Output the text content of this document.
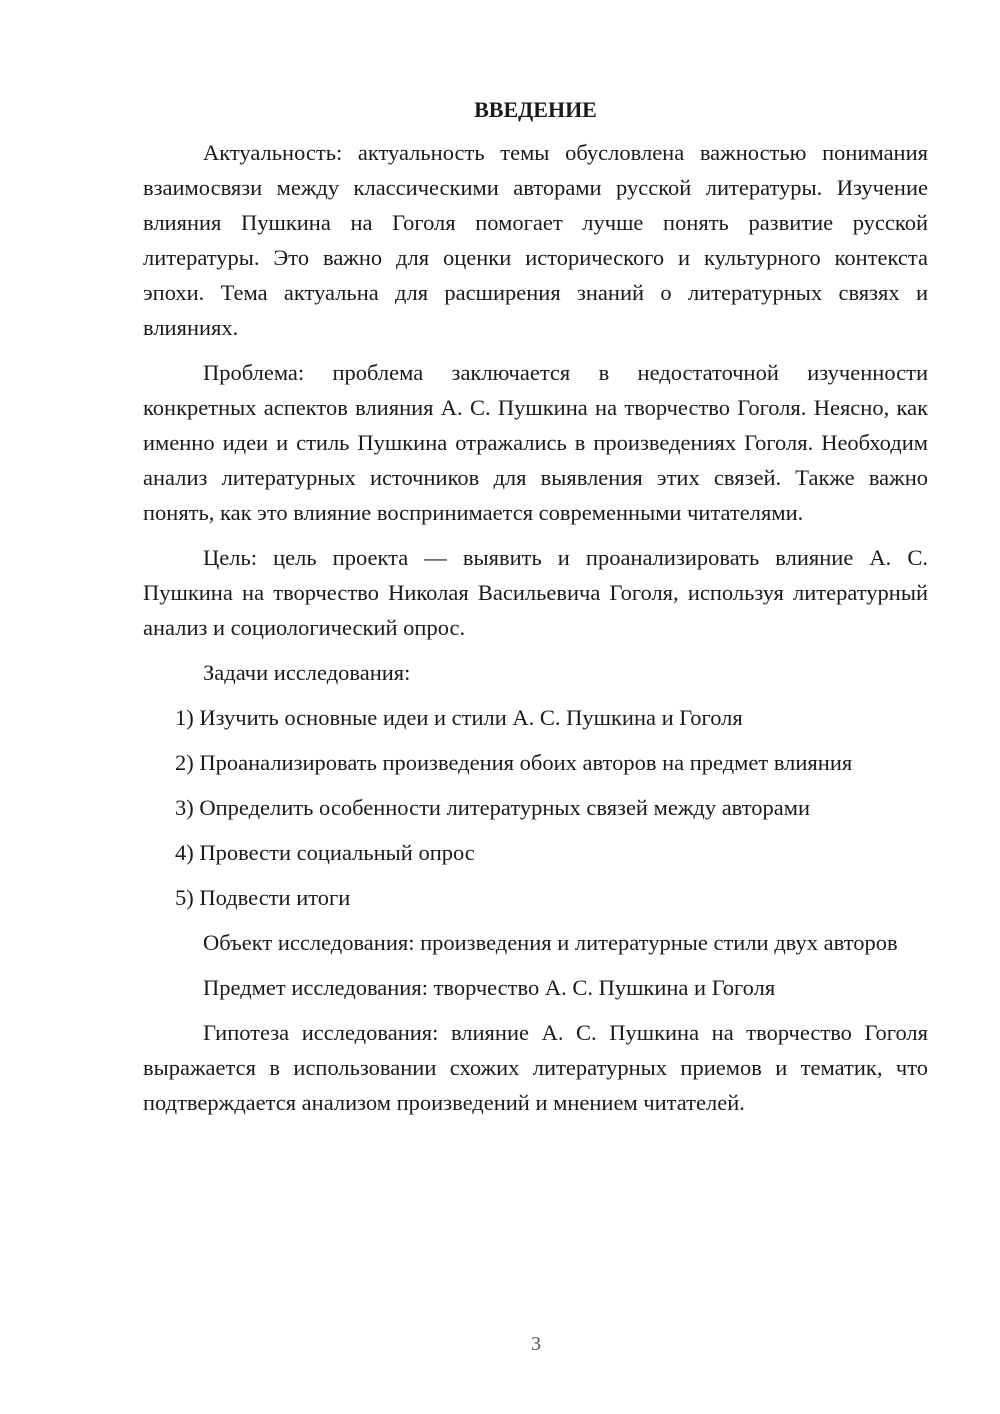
ВВЕДЕНИЕ

Актуальность: актуальность темы обусловлена важностью понимания взаимосвязи между классическими авторами русской литературы. Изучение влияния Пушкина на Гоголя помогает лучше понять развитие русской литературы. Это важно для оценки исторического и культурного контекста эпохи. Тема актуальна для расширения знаний о литературных связях и влияниях.

Проблема: проблема заключается в недостаточной изученности конкретных аспектов влияния А. С. Пушкина на творчество Гоголя. Неясно, как именно идеи и стиль Пушкина отражались в произведениях Гоголя. Необходим анализ литературных источников для выявления этих связей. Также важно понять, как это влияние воспринимается современными читателями.

Цель: цель проекта — выявить и проанализировать влияние А. С. Пушкина на творчество Николая Васильевича Гоголя, используя литературный анализ и социологический опрос.

Задачи исследования:

1) Изучить основные идеи и стили А. С. Пушкина и Гоголя

2) Проанализировать произведения обоих авторов на предмет влияния

3) Определить особенности литературных связей между авторами

4) Провести социальный опрос

5) Подвести итоги

Объект исследования: произведения и литературные стили двух авторов

Предмет исследования: творчество А. С. Пушкина и Гоголя

Гипотеза исследования: влияние А. С. Пушкина на творчество Гоголя выражается в использовании схожих литературных приемов и тематик, что подтверждается анализом произведений и мнением читателей.

3
